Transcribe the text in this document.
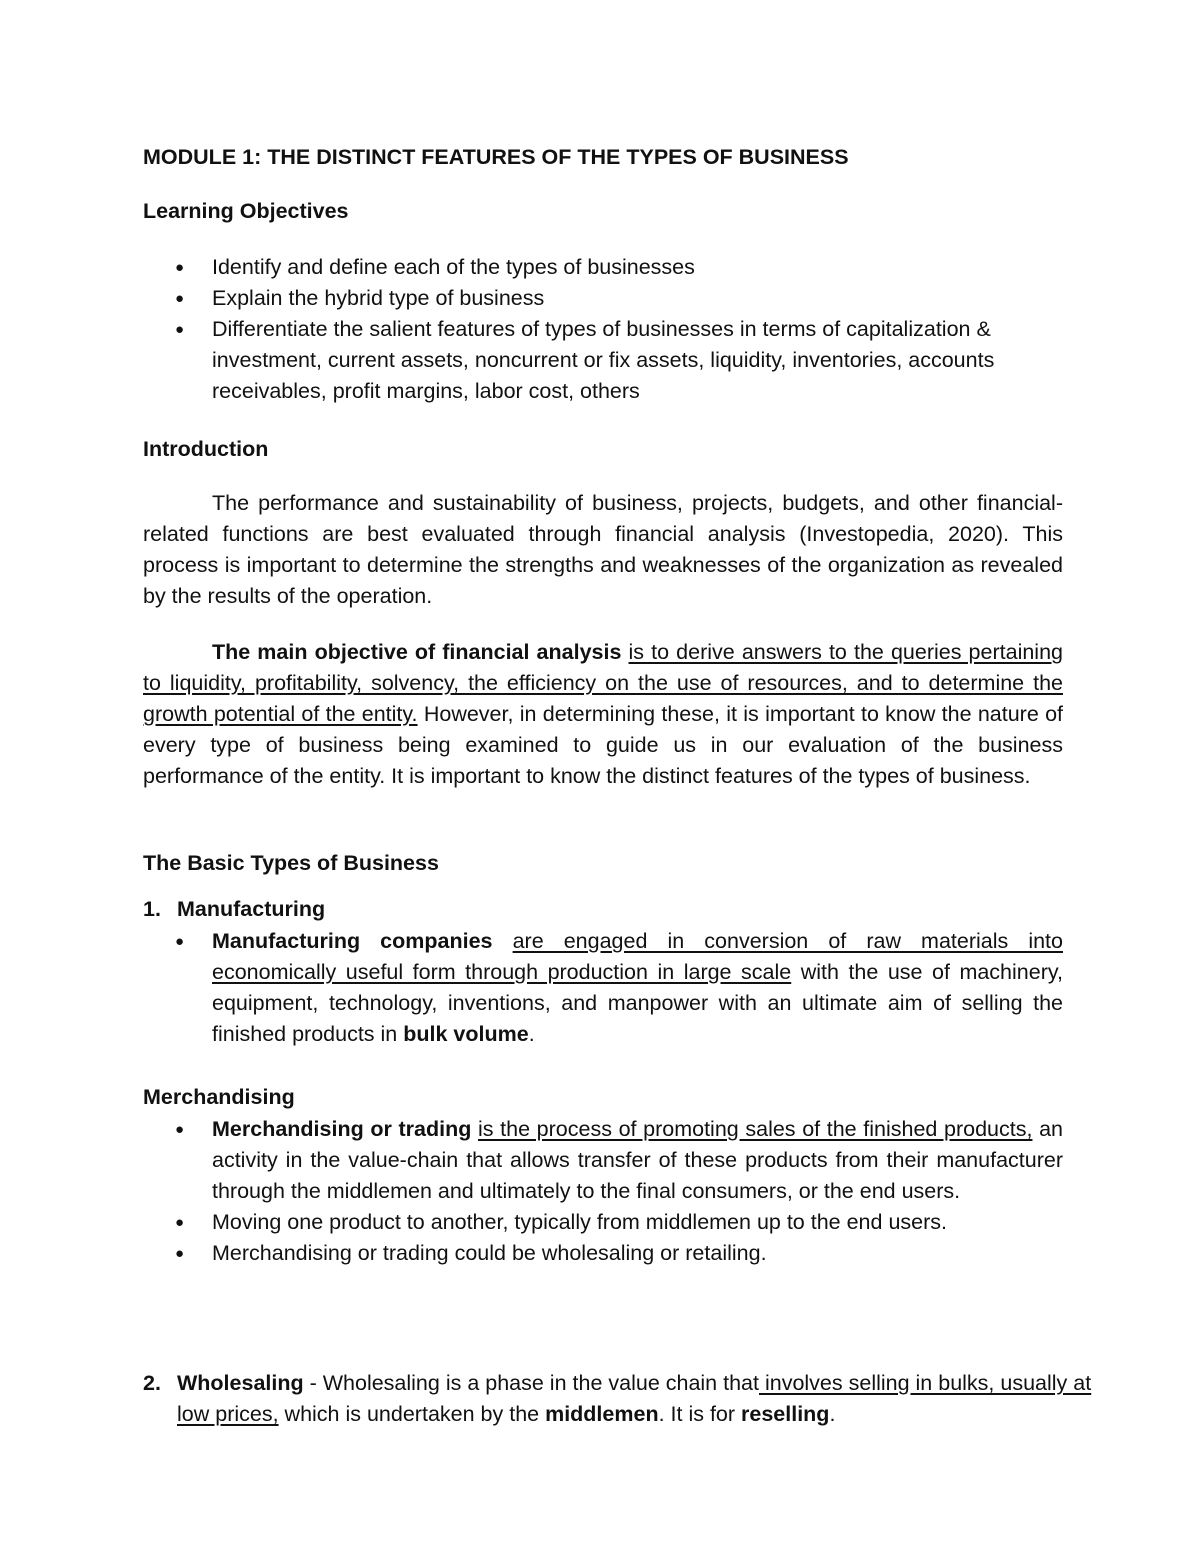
MODULE 1: THE DISTINCT FEATURES OF THE TYPES OF BUSINESS
Learning Objectives
● Identify and define each of the types of businesses
● Explain the hybrid type of business
● Differentiate the salient features of types of businesses in terms of capitalization & investment, current assets, noncurrent or fix assets, liquidity, inventories, accounts receivables, profit margins, labor cost, others
Introduction
The performance and sustainability of business, projects, budgets, and other financial-related functions are best evaluated through financial analysis (Investopedia, 2020). This process is important to determine the strengths and weaknesses of the organization as revealed by the results of the operation.
The main objective of financial analysis is to derive answers to the queries pertaining to liquidity, profitability, solvency, the efficiency on the use of resources, and to determine the growth potential of the entity. However, in determining these, it is important to know the nature of every type of business being examined to guide us in our evaluation of the business performance of the entity. It is important to know the distinct features of the types of business.
The Basic Types of Business
1. Manufacturing
● Manufacturing companies are engaged in conversion of raw materials into economically useful form through production in large scale with the use of machinery, equipment, technology, inventions, and manpower with an ultimate aim of selling the finished products in bulk volume.
Merchandising
● Merchandising or trading is the process of promoting sales of the finished products, an activity in the value-chain that allows transfer of these products from their manufacturer through the middlemen and ultimately to the final consumers, or the end users.
● Moving one product to another, typically from middlemen up to the end users.
● Merchandising or trading could be wholesaling or retailing.
2. Wholesaling - Wholesaling is a phase in the value chain that involves selling in bulks, usually at low prices, which is undertaken by the middlemen. It is for reselling.
